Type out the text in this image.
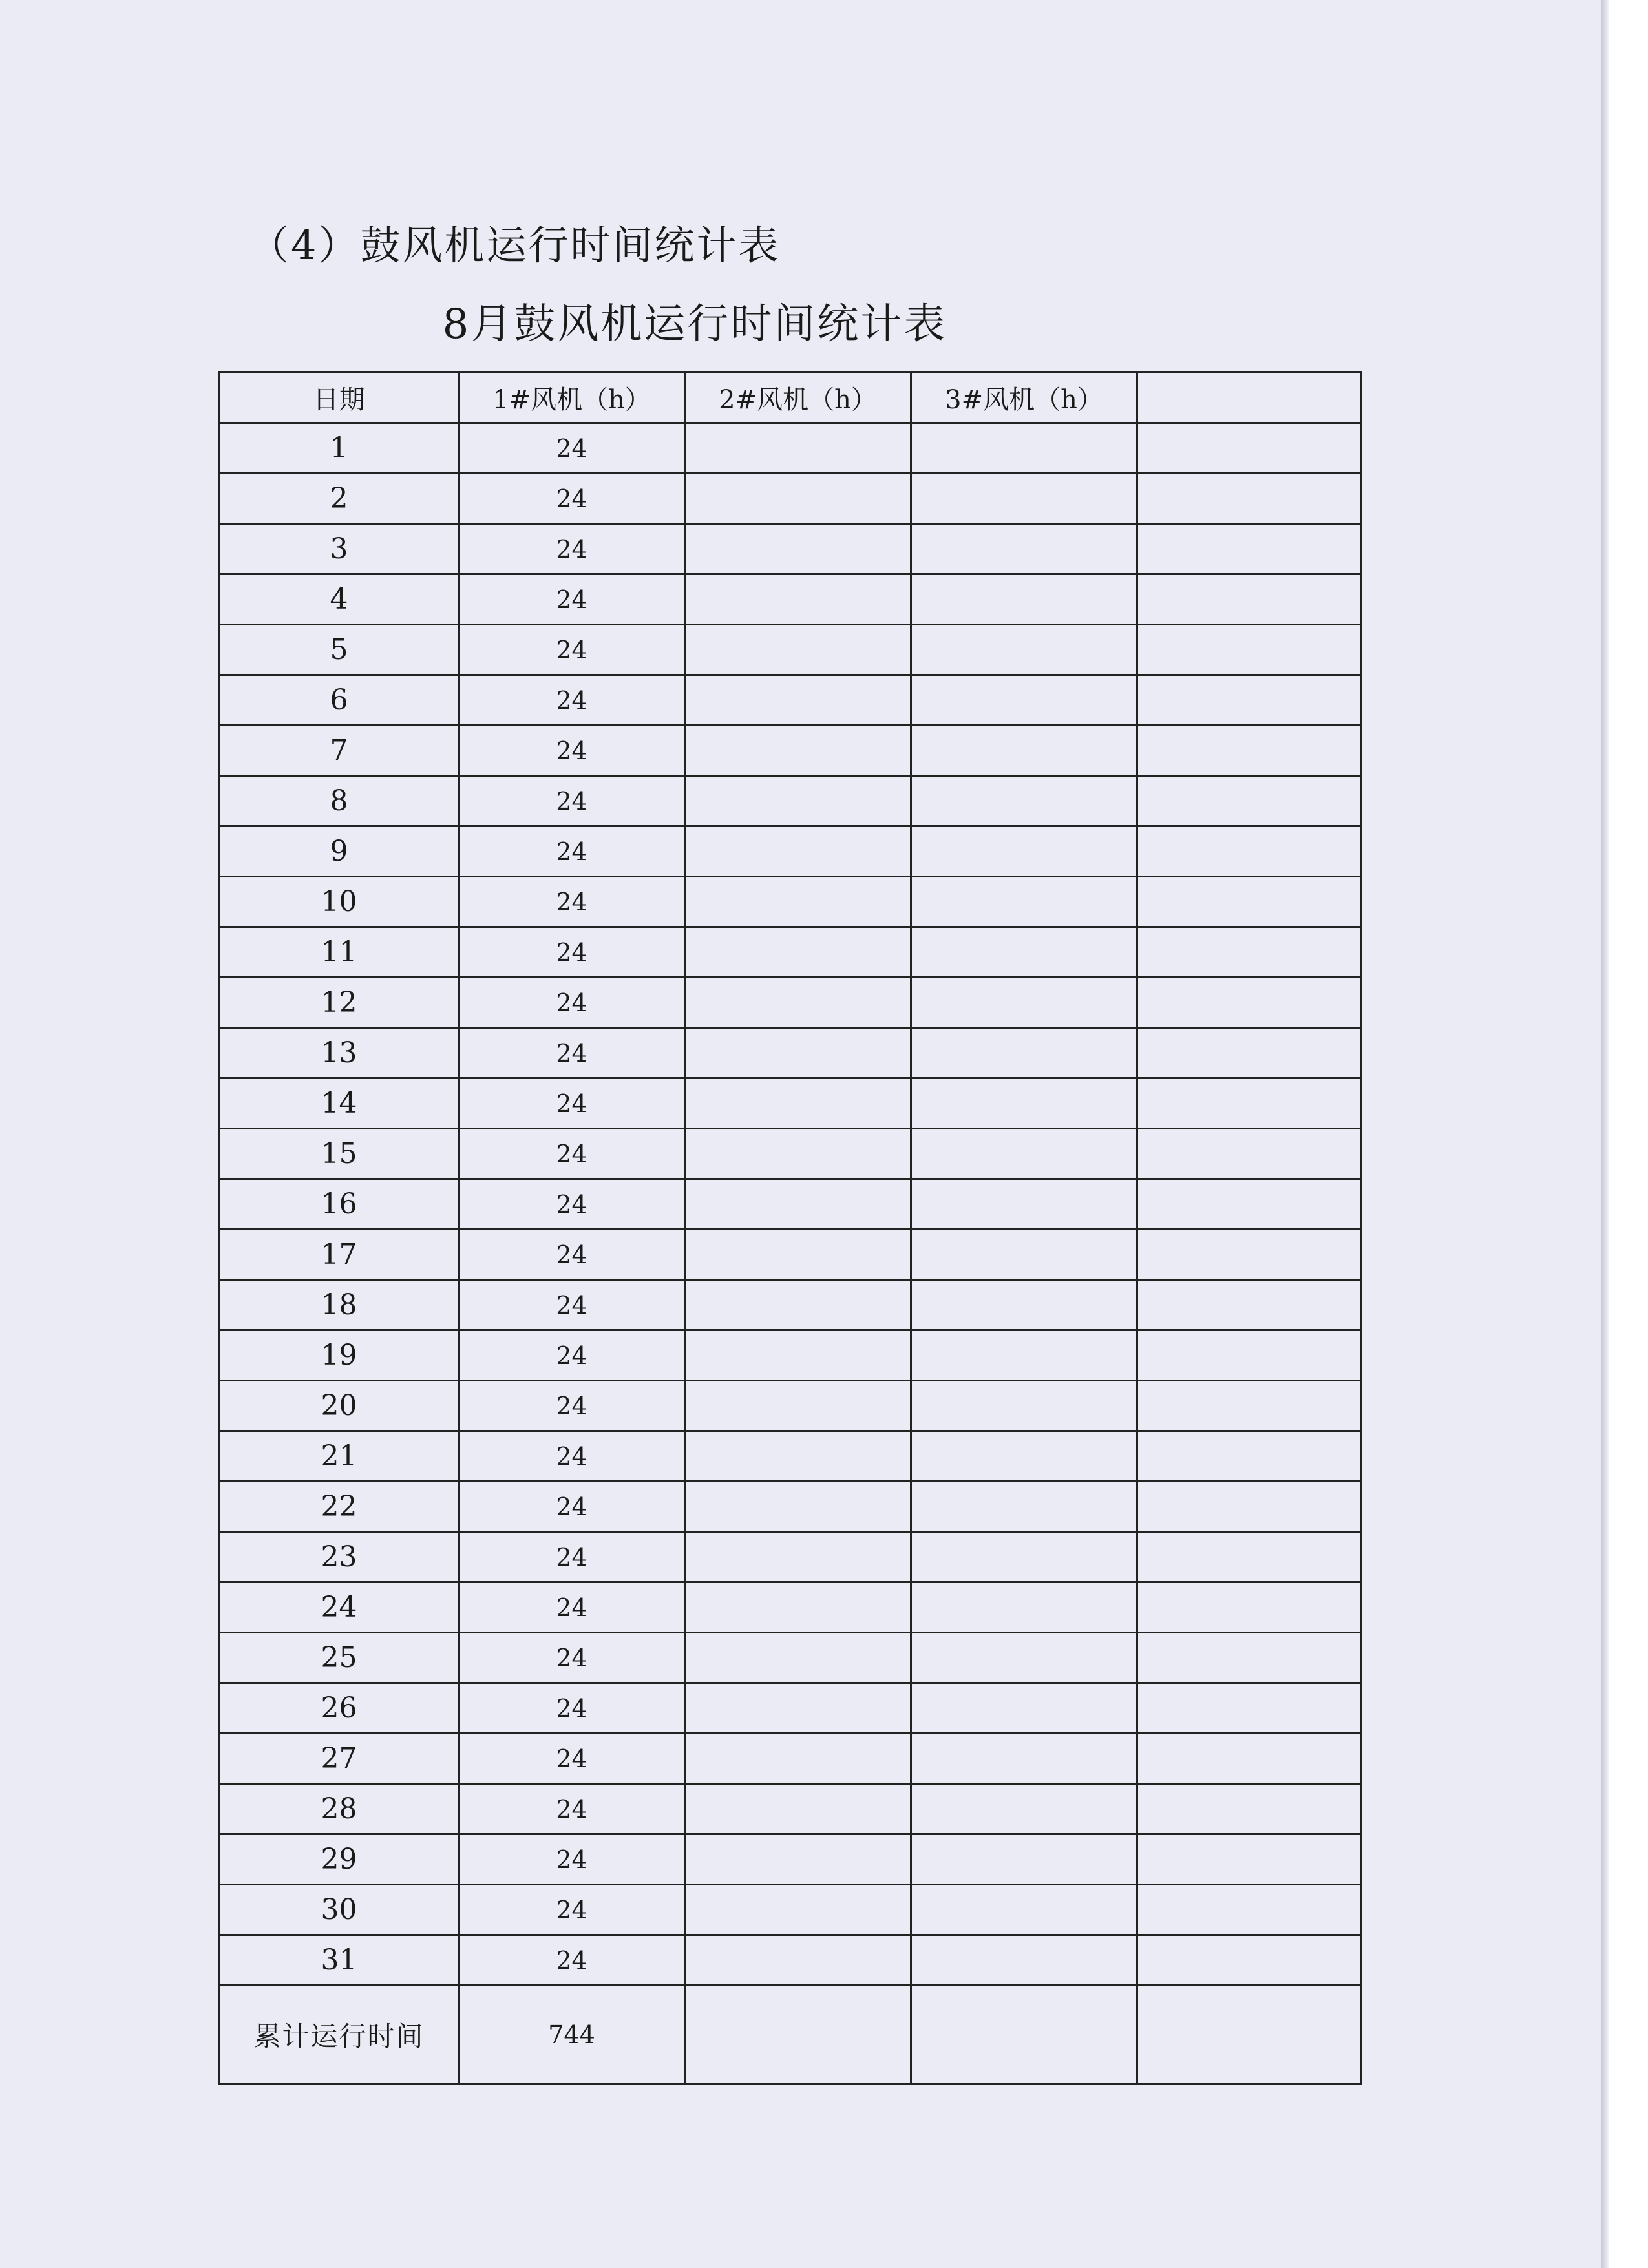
（4）鼓风机运行时间统计表
8月鼓风机运行时间统计表
日期	1#风机（h）	2#风机（h）	3#风机（h）	
1	24			
2	24			
3	24			
4	24			
5	24			
6	24			
7	24			
8	24			
9	24			
10	24			
11	24			
12	24			
13	24			
14	24			
15	24			
16	24			
17	24			
18	24			
19	24			
20	24			
21	24			
22	24			
23	24			
24	24			
25	24			
26	24			
27	24			
28	24			
29	24			
30	24			
31	24			
累计运行时间	744			
